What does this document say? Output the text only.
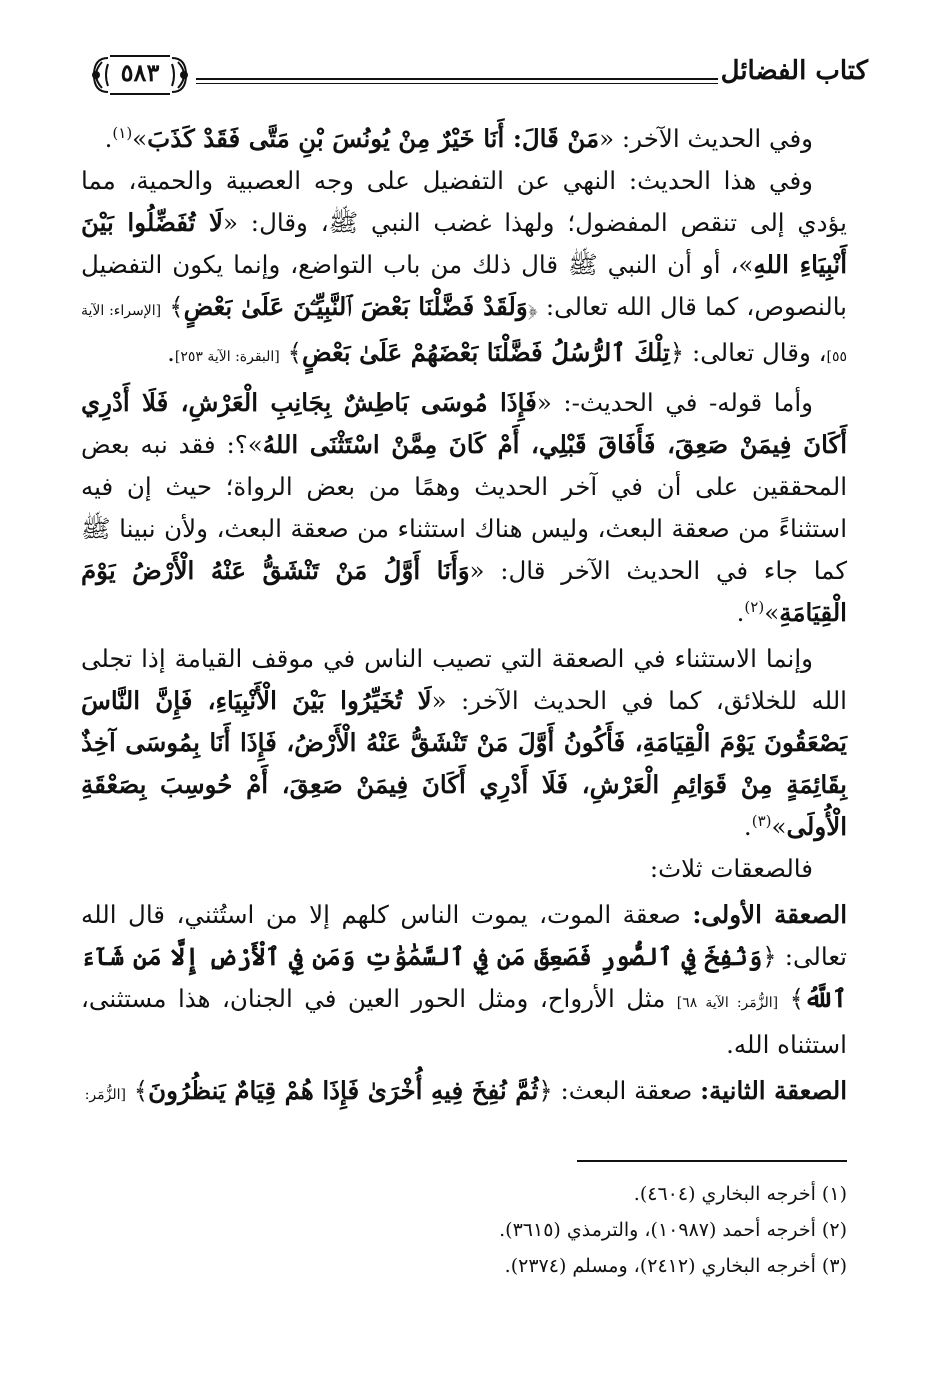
كتاب الفضائل
٥٨٣

وفي الحديث الآخر: «مَنْ قَالَ: أَنَا خَيْرٌ مِنْ يُونُسَ بْنِ مَتَّى فَقَدْ كَذَبَ»$^{(١)}$.

وفي هذا الحديث: النهي عن التفضيل على وجه العصبية والحمية، مما يؤدي إلى تنقص المفضول؛ ولهذا غضب النبي ﷺ، وقال: «لَا تُفَضِّلُوا بَيْنَ أَنْبِيَاءِ اللهِ»، أو أن النبي ﷺ قال ذلك من باب التواضع، وإنما يكون التفضيل بالنصوص، كما قال الله تعالى: ﴿وَلَقَدْ فَضَّلْنَا بَعْضَ ٱلنَّبِيِّـۧنَ عَلَىٰ بَعْضٍ﴾ [الإسراء: الآية ٥٥]، وقال تعالى: ﴿تِلْكَ ٱلرُّسُلُ فَضَّلْنَا بَعْضَهُمْ عَلَىٰ بَعْضٍ﴾ [البقرة: الآية ٢٥٣].

وأما قوله- في الحديث-: «فَإِذَا مُوسَى بَاطِشٌ بِجَانِبِ الْعَرْشِ، فَلَا أَدْرِي أَكَانَ فِيمَنْ صَعِقَ، فَأَفَاقَ قَبْلِي، أَمْ كَانَ مِمَّنْ اسْتَثْنَى اللهُ»؟: فقد نبه بعض المحققين على أن في آخر الحديث وهمًا من بعض الرواة؛ حيث إن فيه استثناءً من صعقة البعث، وليس هناك استثناء من صعقة البعث، ولأن نبينا ﷺ كما جاء في الحديث الآخر قال: «وَأَنَا أَوَّلُ مَنْ تَنْشَقُّ عَنْهُ الْأَرْضُ يَوْمَ الْقِيَامَةِ»$^{(٢)}$.

وإنما الاستثناء في الصعقة التي تصيب الناس في موقف القيامة إذا تجلى الله للخلائق، كما في الحديث الآخر: «لَا تُخَيِّرُوا بَيْنَ الْأَنْبِيَاءِ، فَإِنَّ النَّاسَ يَصْعَقُونَ يَوْمَ الْقِيَامَةِ، فَأَكُونُ أَوَّلَ مَنْ تَنْشَقُّ عَنْهُ الْأَرْضُ، فَإِذَا أَنَا بِمُوسَى آخِذٌ بِقَائِمَةٍ مِنْ قَوَائِمِ الْعَرْشِ، فَلَا أَدْرِي أَكَانَ فِيمَنْ صَعِقَ، أَمْ حُوسِبَ بِصَعْقَةِ الْأُولَى»$^{(٣)}$.

فالصعقات ثلاث:

الصعقة الأولى: صعقة الموت، يموت الناس كلهم إلا من استُثني، قال الله تعالى: ﴿وَنُفِخَ فِي ٱلصُّورِ فَصَعِقَ مَن فِي ٱلسَّمَٰوَٰتِ وَمَن فِي ٱلْأَرْضِ إِلَّا مَن شَآءَ ٱللَّهُ﴾ [الزُّمَر: الآية ٦٨] مثل الأرواح، ومثل الحور العين في الجنان، هذا مستثنى، استثناه الله.

الصعقة الثانية: صعقة البعث: ﴿ثُمَّ نُفِخَ فِيهِ أُخْرَىٰ فَإِذَا هُمْ قِيَامٌ يَنظُرُونَ﴾ [الزُّمَر:

(١) أخرجه البخاري (٤٦٠٤).

(٢) أخرجه أحمد (١٠٩٨٧)، والترمذي (٣٦١٥).

(٣) أخرجه البخاري (٢٤١٢)، ومسلم (٢٣٧٤).
